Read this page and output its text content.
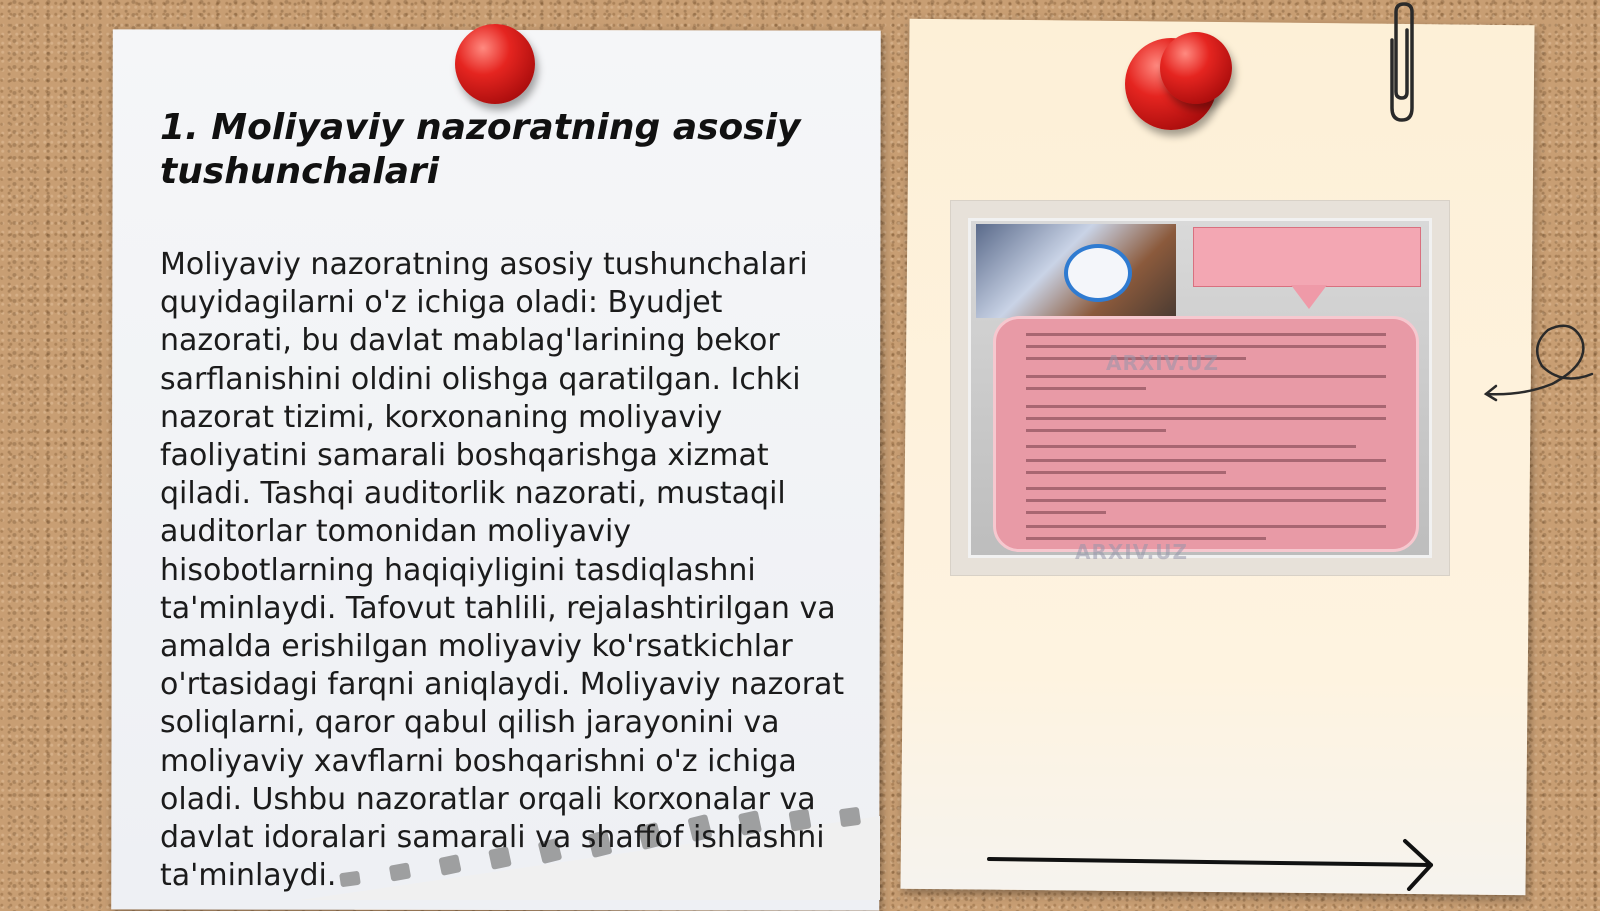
1. Moliyaviy nazoratning asosiy tushunchalari

Moliyaviy nazoratning asosiy tushunchalari quyidagilarni o'z ichiga oladi: Byudjet nazorati, bu davlat mablag'larining bekor sarflanishini oldini olishga qaratilgan. Ichki nazorat tizimi, korxonaning moliyaviy faoliyatini samarali boshqarishga xizmat qiladi. Tashqi auditorlik nazorati, mustaqil auditorlar tomonidan moliyaviy hisobotlarning haqiqiyligini tasdiqlashni ta'minlaydi. Tafovut tahlili, rejalashtirilgan va amalda erishilgan moliyaviy ko'rsatkichlar o'rtasidagi farqni aniqlaydi. Moliyaviy nazorat soliqlarni, qaror qabul qilish jarayonini va moliyaviy xavflarni boshqarishni o'z ichiga oladi. Ushbu nazoratlar orqali korxonalar va davlat idoralari samarali va shaffof ishlashni ta'minlaydi.

ARXIV.UZ
ARXIV.UZ
